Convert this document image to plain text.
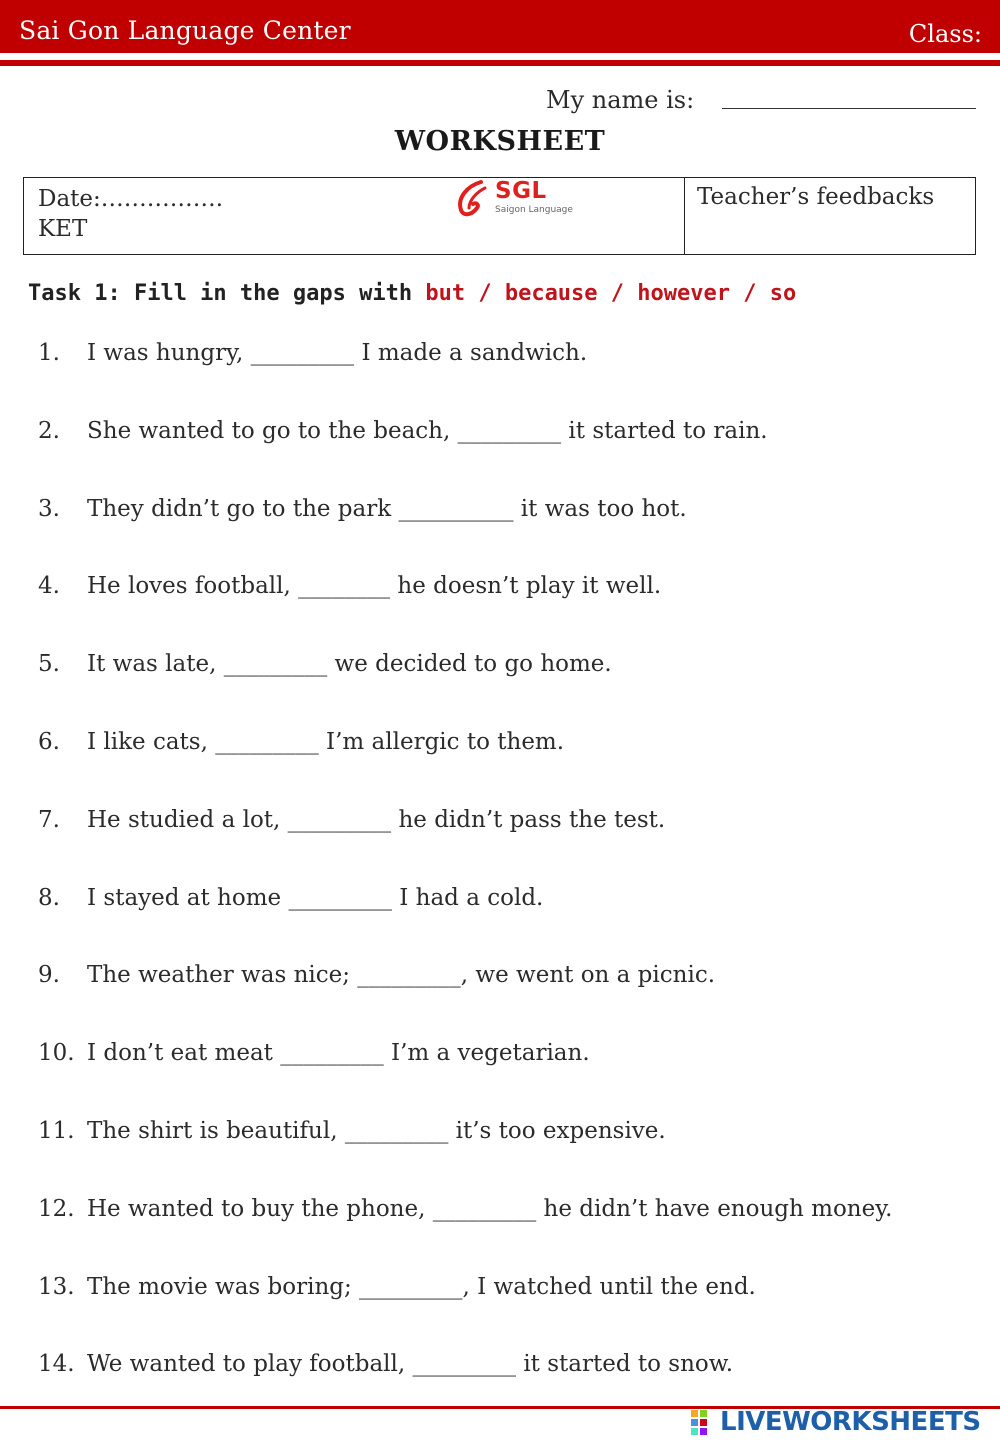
Sai Gon Language Center	Class:
My name is:
WORKSHEET
Date:…………….
KET
Teacher’s feedbacks
SGL
Saigon Language
Task 1: Fill in the gaps with but / because / however / so
1. I was hungry, _________ I made a sandwich.
2. She wanted to go to the beach, _________ it started to rain.
3. They didn’t go to the park __________ it was too hot.
4. He loves football, ________ he doesn’t play it well.
5. It was late, _________ we decided to go home.
6. I like cats, _________ I’m allergic to them.
7. He studied a lot, _________ he didn’t pass the test.
8. I stayed at home _________ I had a cold.
9. The weather was nice; _________, we went on a picnic.
10. I don’t eat meat _________ I’m a vegetarian.
11. The shirt is beautiful, _________ it’s too expensive.
12. He wanted to buy the phone, _________ he didn’t have enough money.
13. The movie was boring; _________, I watched until the end.
14. We wanted to play football, _________ it started to snow.
LIVEWORKSHEETS
